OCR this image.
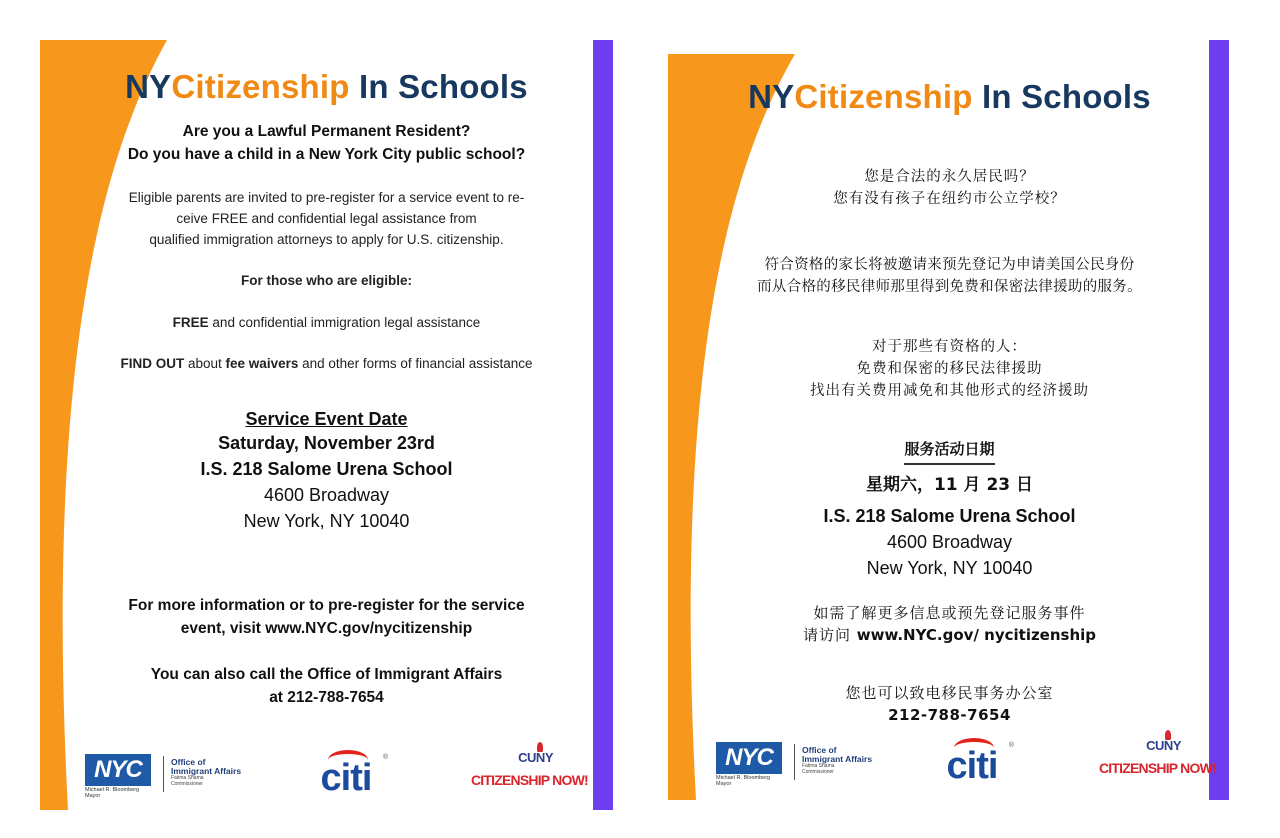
NYCitizenship In Schools
Are you a Lawful Permanent Resident?
Do you have a child in a New York City public school?
Eligible parents are invited to pre-register for a service event to re-
ceive FREE and confidential legal assistance from
qualified immigration attorneys to apply for U.S. citizenship.
For those who are eligible:
FREE and confidential immigration legal assistance
FIND OUT about fee waivers and other forms of financial assistance
Service Event Date
Saturday, November 23rd
I.S. 218 Salome Urena School
4600 Broadway
New York, NY 10040
For more information or to pre-register for the service
event, visit www.NYC.gov/nycitizenship
You can also call the Office of Immigrant Affairs
at 212-788-7654
NYC
Michael R. Bloomberg
Mayor
Office of
Immigrant Affairs
Fatima Shama
Commissioner	citi	®	CUNY
CITIZENSHIP NOW!
NYCitizenship In Schools
您是合法的永久居民吗？
您有没有孩子在纽约市公立学校？
符合资格的家长将被邀请来预先登记为申请美国公民身份
而从合格的移民律师那里得到免费和保密法律援助的服务。
对于那些有资格的人：
免费和保密的移民法律援助
找出有关费用减免和其他形式的经济援助
服务活动日期
星期六，11 月 23 日
I.S. 218 Salome Urena School
4600 Broadway
New York, NY 10040
如需了解更多信息或预先登记服务事件
请访问 www.NYC.gov/ nycitizenship
您也可以致电移民事务办公室
212-788-7654
NYC
Michael R. Bloomberg
Mayor
Office of
Immigrant Affairs
Fatima Shama
Commissioner	citi	®	CUNY
CITIZENSHIP NOW!
